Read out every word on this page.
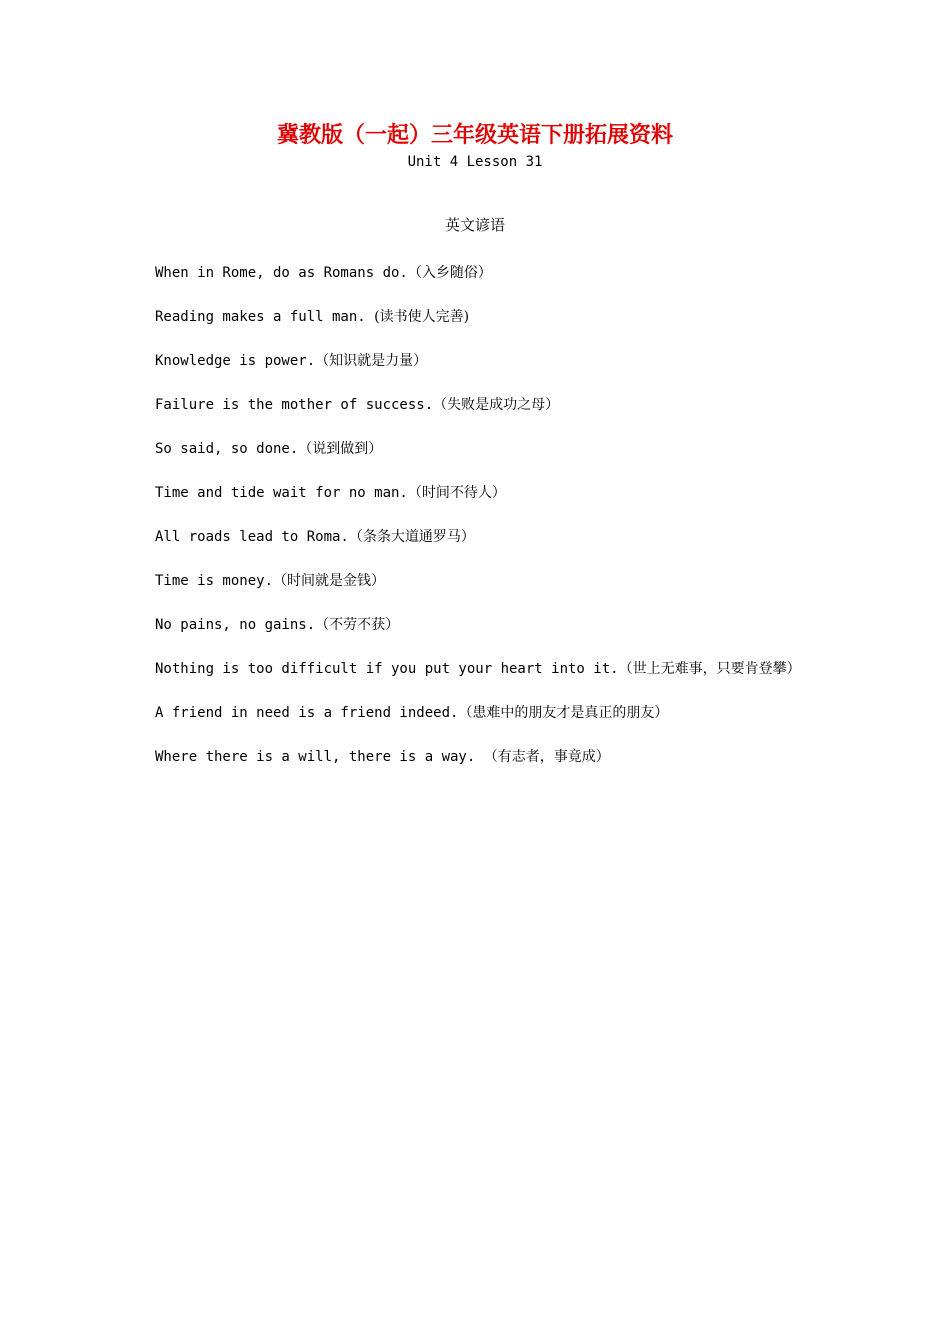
冀教版（一起）三年级英语下册拓展资料
Unit 4 Lesson 31
英文谚语
When in Rome, do as Romans do.（入乡随俗）
Reading makes a full man. (读书使人完善)
Knowledge is power.（知识就是力量）
Failure is the mother of success.（失败是成功之母）
So said, so done.（说到做到）
Time and tide wait for no man.（时间不待人）
All roads lead to Roma.（条条大道通罗马）
Time is money.（时间就是金钱）
No pains, no gains.（不劳不获）
Nothing is too difficult if you put your heart into it.（世上无难事，只要肯登攀）
A friend in need is a friend indeed.（患难中的朋友才是真正的朋友）
Where there is a will, there is a way. （有志者，事竟成）
